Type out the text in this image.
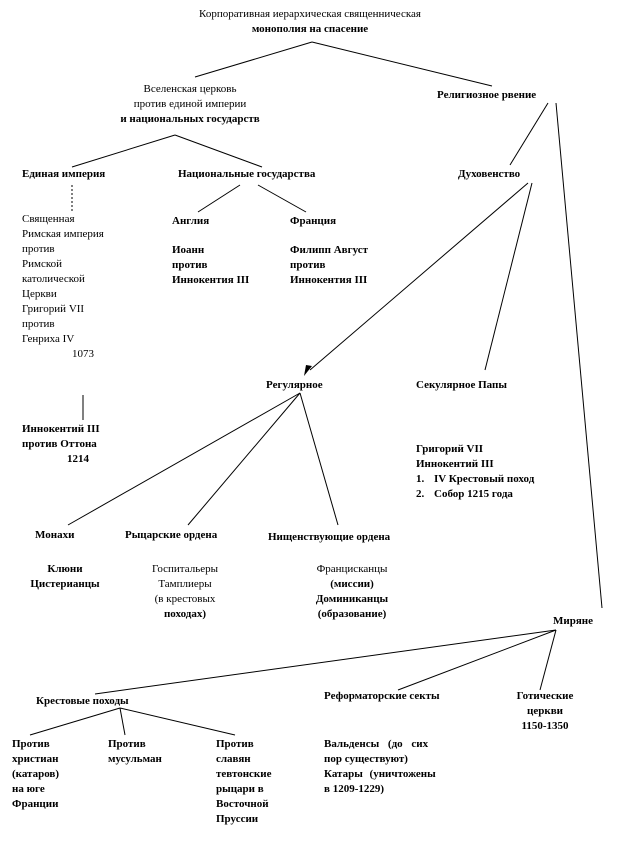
Корпоративная иерархическая священническая
монополия на спасение
Вселенская церковь
против единой империи
и национальных государств
Религиозное рвение
Единая империя
Священная
Римская империя
против
Римской
католической
Церкви
Григорий VII
против
Генриха IV
1073
Иннокентий III
против Оттона
1214
Национальные государства
Англия
Иоанн
против
Иннокентия III
Франция
Филипп Август
против
Иннокентия III
Духовенство
Регулярное	Секулярное Папы
Григорий VII
Иннокентий III
1. IV Крестовый поход
2. Собор 1215 года
Монахи
Клюни
Цистерианцы
Рыцарские ордена
Госпитальеры
Тамплиеры
(в крестовых
походах)
Нищенствующие ордена
Францисканцы
(миссии)
Доминиканцы
(образование)
Миряне
Крестовые походы
Против
христиан
(катаров)
на юге
Франции
Против
мусульман
Против
славян
тевтонские
рыцари в
Восточной
Пруссии
Реформаторские секты
Вальденсы (до сих
пор существуют)
Катары (уничтожены
в 1209-1229)
Готические
церкви
1150-1350
